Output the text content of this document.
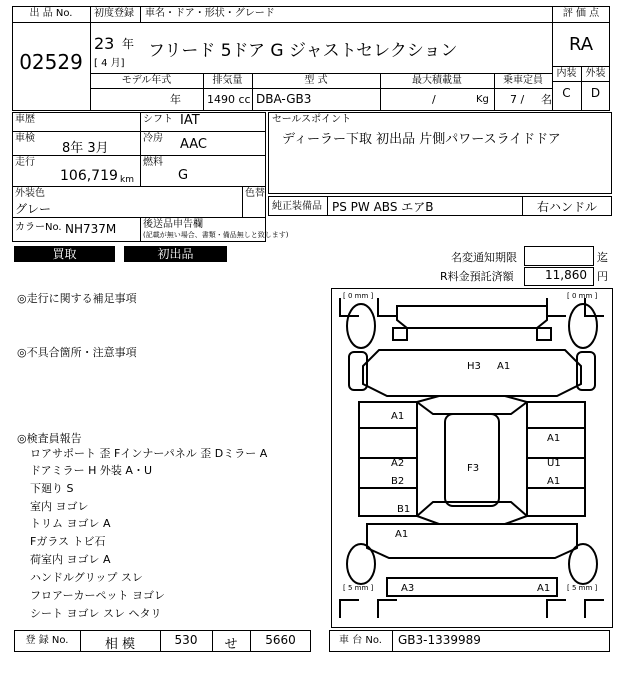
出 品 No.
02529
初度登録 車名・ドア・形状・グレード
23 年
[ 4 月]
フリード 5ドア G ジャストセレクション
評 価 点
RA
内装 外装
C	D
モデル年式	排気量	型 式	最大積載量	乗車定員
年 1490 cc DBA-GB3	/	Kg 7 / 名
車歴	シフト IAT
車検
8年 3月
冷房 AAC
走行
106,719 km
燃料
G
外装色
グレー
色替
カラーNo. NH737M	後送品申告欄
(記載が無い場合、書類・備品無しと致します)
セールスポイント
ディーラー下取 初出品 片側パワースライドドア
純正装備品 PS PW ABS エアB	右ハンドル
買取	初出品	名変通知期限	迄
R料金預託済額	11,860 円
◎走行に関する補足事項
◎不具合箇所・注意事項
◎検査員報告
ロアサポート 歪 Fインナーパネル 歪 Dミラー A
ドアミラー H 外装 A・U
下廻り S
室内 ヨゴレ
トリム ヨゴレ A
Fガラス トビ石
荷室内 ヨゴレ A
ハンドルグリップ スレ
フロアーカーペット ヨゴレ
シート ヨゴレ スレ ヘタリ
[ 0 mm ]	[ 0 mm ]
[ 5 mm ]	[ 5 mm ]
H3 A1
A1
A1
A2
B2
F3	U1
A1
B1
A1
A3	A1
登 録 No.	相 模	530	せ	5660	車 台 No.	GB3-1339989
